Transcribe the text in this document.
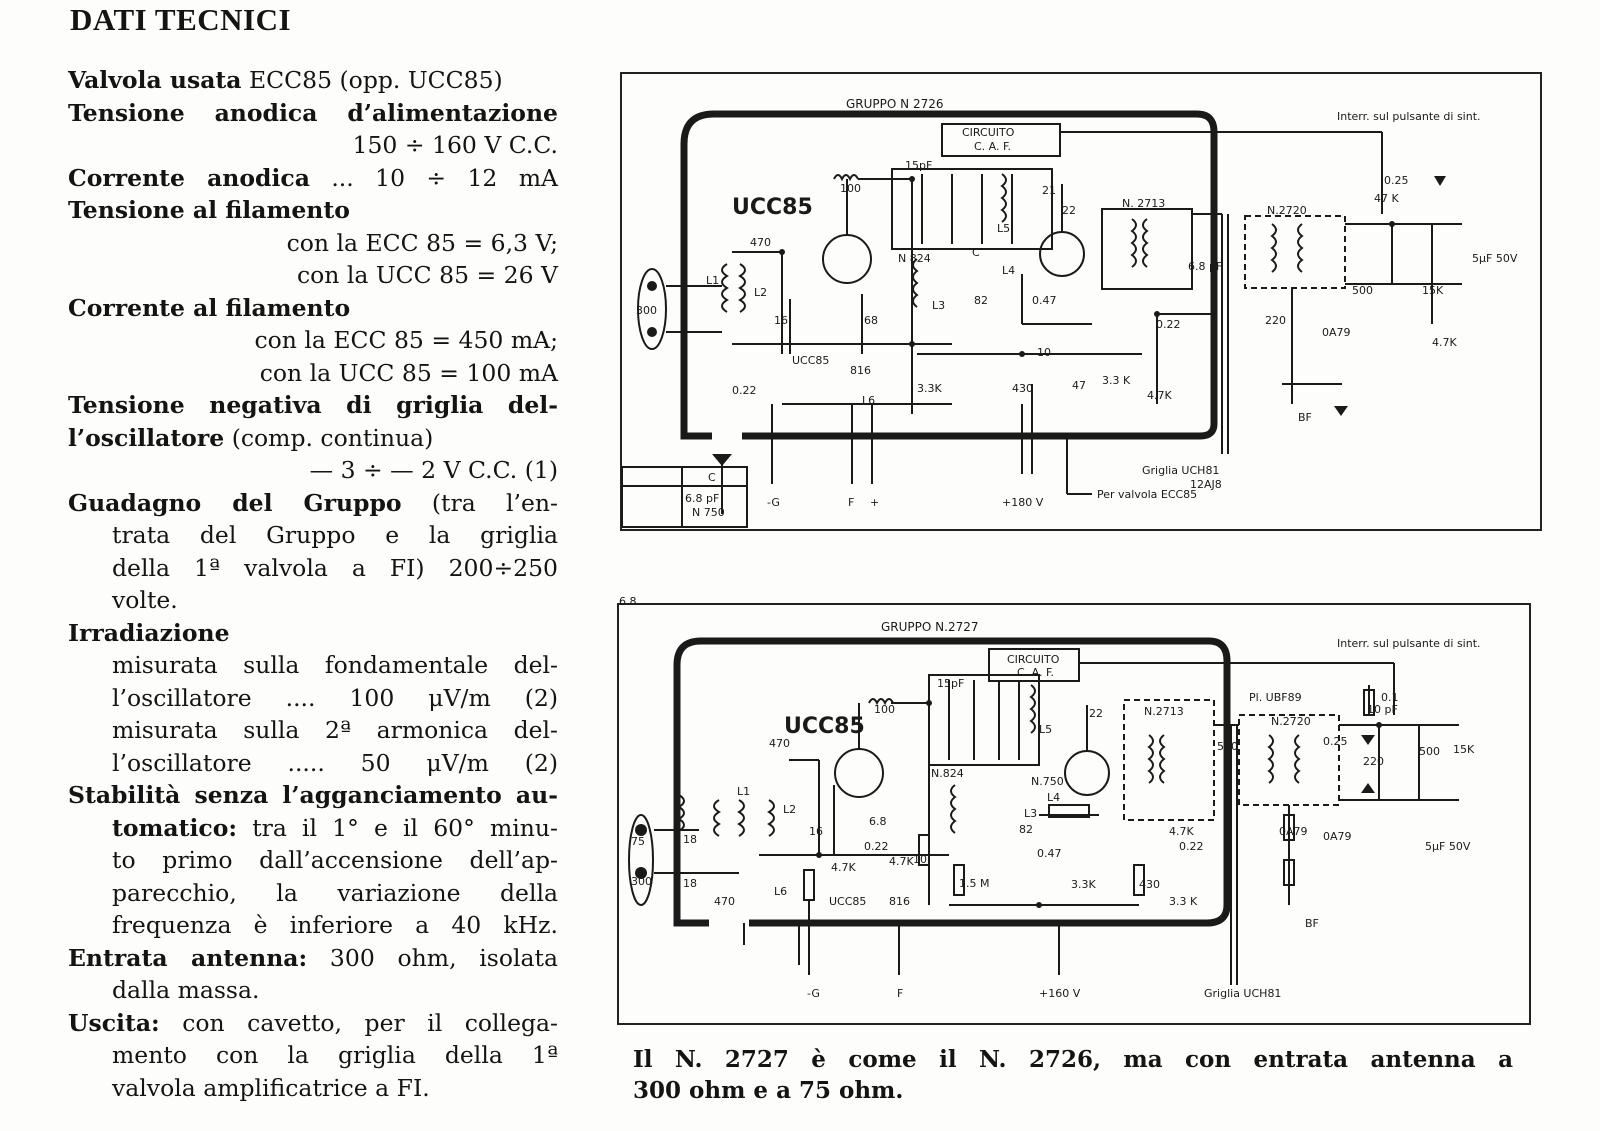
DATI TECNICI
Valvola usata ECC85 (opp. UCC85)
Tensione anodica d’alimentazione
150 ÷ 160 V C.C.
Corrente anodica ... 10 ÷ 12 mA
Tensione al filamento
con la ECC 85 = 6,3 V;
con la UCC 85 = 26 V
Corrente al filamento
con la ECC 85 = 450 mA;
con la UCC 85 = 100 mA
Tensione negativa di griglia del-
l’oscillatore (comp. continua)
— 3 ÷ — 2 V C.C. (1)
Guadagno del Gruppo (tra l’en-
trata del Gruppo e la griglia
della 1ª valvola a FI) 200÷250
volte.
Irradiazione
misurata sulla fondamentale del-
l’oscillatore .... 100 μV/m (2)
misurata sulla 2ª armonica del-
l’oscillatore ..... 50 μV/m (2)
Stabilità senza l’agganciamento au-
tomatico: tra il 1° e il 60° minu-
to primo dall’accensione dell’ap-
parecchio, la variazione della
frequenza è inferiore a 40 kHz.
Entrata antenna: 300 ohm, isolata
dalla massa.
Uscita: con cavetto, per il collega-
mento con la griglia della 1ª
valvola amplificatrice a FI.
GRUPPO N 2726
CIRCUITO
C. A. F.
Interr. sul pulsante di sint.
UCC85
N 824
N. 2713
N.2720
-G	F +	+180 V
Griglia UCH81
12AJ8
Per valvola ECC85
C
6.8 pF
N 750
470
L1
L2
300
16	68
100
15pF
C
L5
21
22
L4
82
L3	0.47
10
0A79
47 K
0.25
220
500	15K
5μF 50V
4.7K
0.22
3.3 K
430	47
4.7K
UCC85
816
L6
0.22	3.3K
6.8 pF
BF
GRUPPO N.2727
CIRCUITO
C. A. F.
Interr. sul pulsante di sint.
Pl. UBF89
UCC85
N.824
N.750
N.2713
N.2720
-G	F	+160 V	Griglia UCH81
BF
75
300
18
18
470
470
L1
L2
16
6.8
100
15pF
L5
22
L4
82
L3
0.47
10
1.5 M	3.3K	430
3.3 K
4.7K
0.22
500
10 pF
0.1
0.25
0A79
0A79
220
500 15K
5μF 50V
4.7K
UCC85
4.7K
816
L6
0.22
6.8
Il N. 2727 è come il N. 2726, ma con entrata antenna a
300 ohm e a 75 ohm.
